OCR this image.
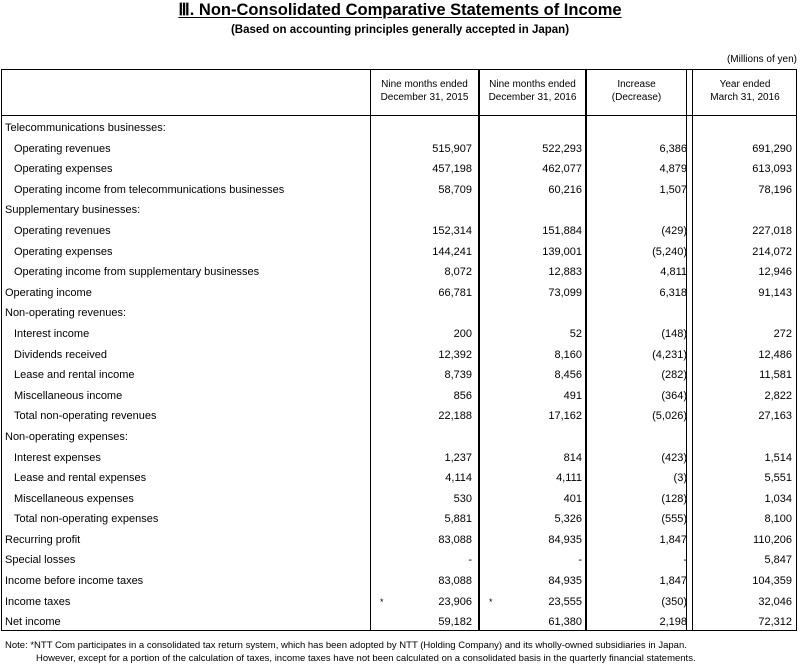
Ⅲ. Non-Consolidated Comparative Statements of Income
(Based on accounting principles generally accepted in Japan)
(Millions of yen)
Nine months ended
December 31, 2015
Nine months ended
December 31, 2016
Increase
(Decrease)
Year ended
March 31, 2016
Telecommunications businesses:
Operating revenues	515,907	522,293	6,386	691,290
Operating expenses	457,198	462,077	4,879	613,093
Operating income from telecommunications businesses	58,709	60,216	1,507	78,196
Supplementary businesses:
Operating revenues	152,314	151,884	(429)	227,018
Operating expenses	144,241	139,001	(5,240)	214,072
Operating income from supplementary businesses	8,072	12,883	4,811	12,946
Operating income	66,781	73,099	6,318	91,143
Non-operating revenues:
Interest income	200	52	(148)	272
Dividends received	12,392	8,160	(4,231)	12,486
Lease and rental income	8,739	8,456	(282)	11,581
Miscellaneous income	856	491	(364)	2,822
Total non-operating revenues	22,188	17,162	(5,026)	27,163
Non-operating expenses:
Interest expenses	1,237	814	(423)	1,514
Lease and rental expenses	4,114	4,111	(3)	5,551
Miscellaneous expenses	530	401	(128)	1,034
Total non-operating expenses	5,881	5,326	(555)	8,100
Recurring profit	83,088	84,935	1,847	110,206
Special losses	-	-	-	5,847
Income before income taxes	83,088	84,935	1,847	104,359
Income taxes	23,906	23,555	(350)	32,046
*	*
Net income	59,182	61,380	2,198	72,312
Note: *NTT Com participates in a consolidated tax return system, which has been adopted by NTT (Holding Company) and its wholly-owned subsidiaries in Japan.
However, except for a portion of the calculation of taxes, income taxes have not been calculated on a consolidated basis in the quarterly financial statements.
